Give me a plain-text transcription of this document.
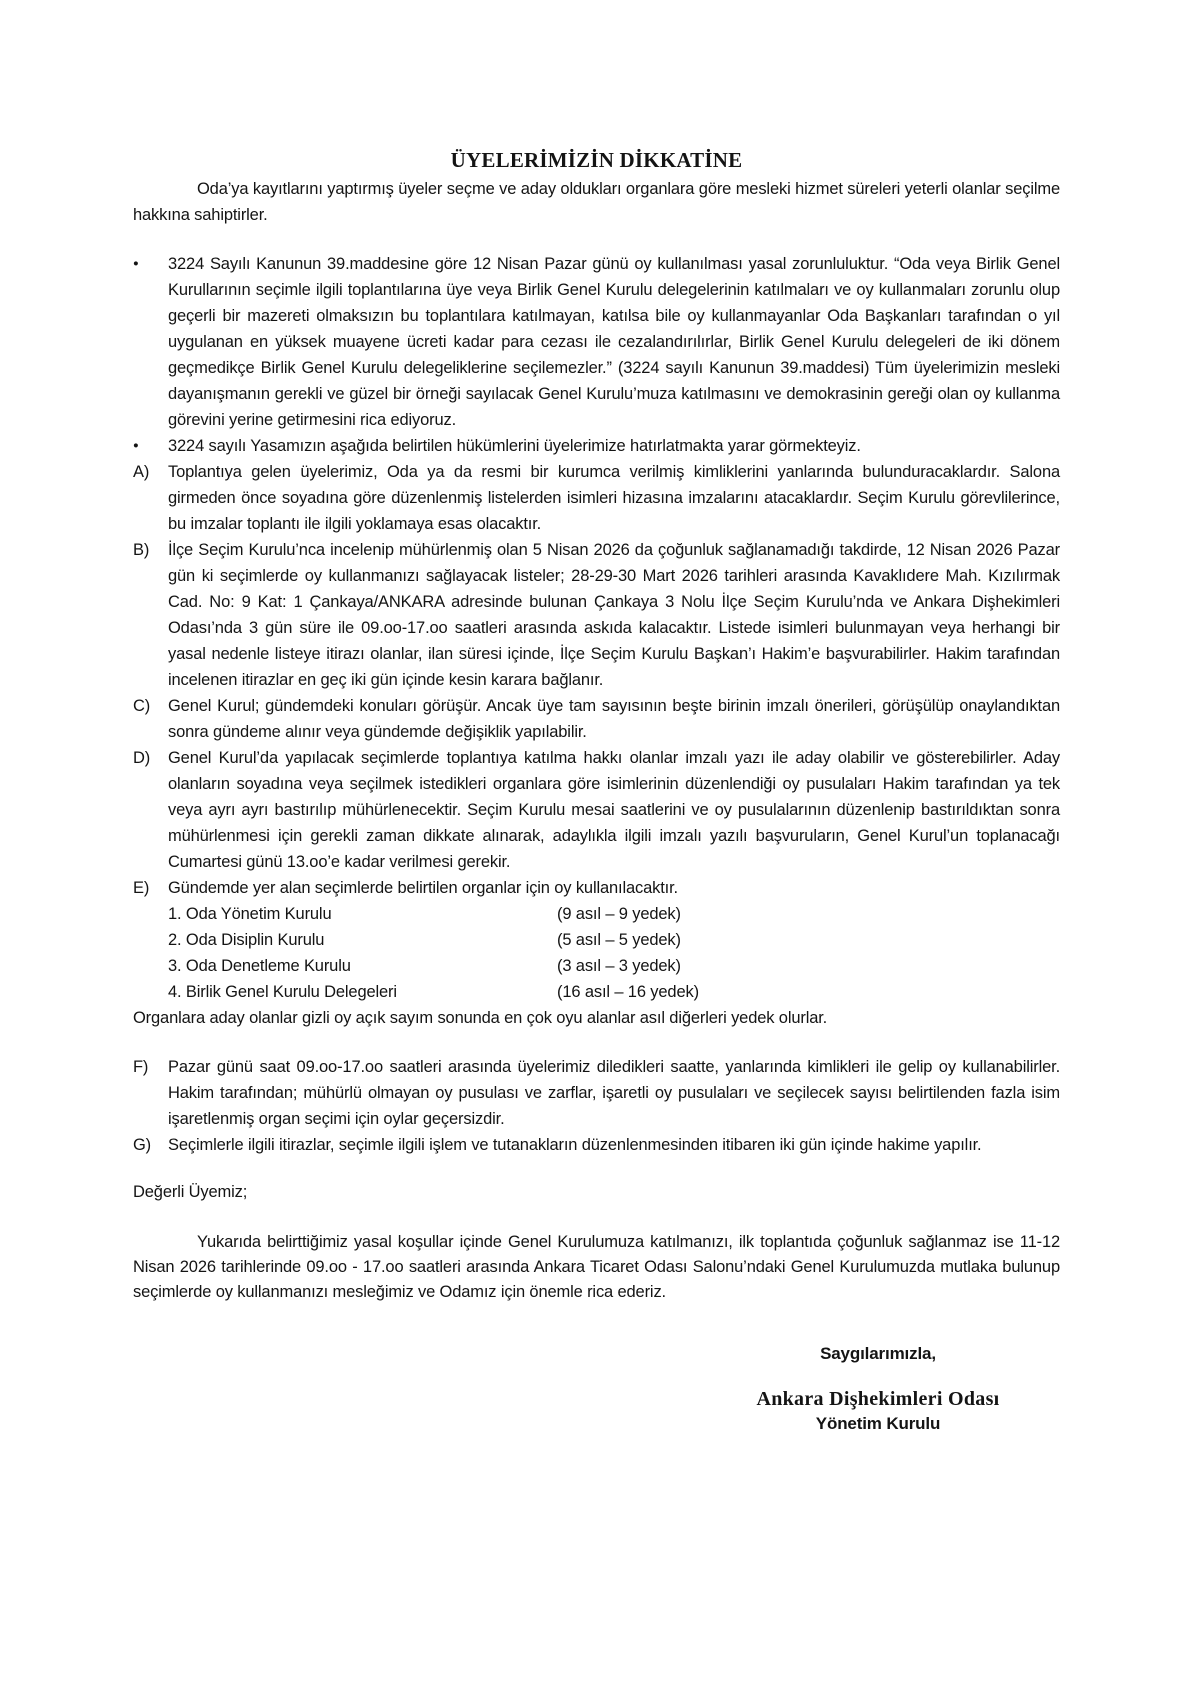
ÜYELERİMİZİN DİKKATİNE

Oda’ya kayıtlarını yaptırmış üyeler seçme ve aday oldukları organlara göre mesleki hizmet süreleri yeterli olanlar seçilme hakkına sahiptirler.

●	3224 Sayılı Kanunun 39.maddesine göre 12 Nisan Pazar günü oy kullanılması yasal zorunluluktur. “Oda veya Birlik Genel Kurullarının seçimle ilgili toplantılarına üye veya Birlik Genel Kurulu delegelerinin katılmaları ve oy kullanmaları zorunlu olup geçerli bir mazereti olmaksızın bu toplantılara katılmayan, katılsa bile oy kullanmayanlar Oda Başkanları tarafından o yıl uygulanan en yüksek muayene ücreti kadar para cezası ile cezalandırılırlar, Birlik Genel Kurulu delegeleri de iki dönem geçmedikçe Birlik Genel Kurulu delegeliklerine seçilemezler.” (3224 sayılı Kanunun 39.maddesi) Tüm üyelerimizin mesleki dayanışmanın gerekli ve güzel bir örneği sayılacak Genel Kurulu’muza katılmasını ve demokrasinin gereği olan oy kullanma görevini yerine getirmesini rica ediyoruz.
●	3224 sayılı Yasamızın aşağıda belirtilen hükümlerini üyelerimize hatırlatmakta yarar görmekteyiz.
A)	Toplantıya gelen üyelerimiz, Oda ya da resmi bir kurumca verilmiş kimliklerini yanlarında bulunduracaklardır. Salona girmeden önce soyadına göre düzenlenmiş listelerden isimleri hizasına imzalarını atacaklardır. Seçim Kurulu görevlilerince, bu imzalar toplantı ile ilgili yoklamaya esas olacaktır.
B)	İlçe Seçim Kurulu’nca incelenip mühürlenmiş olan 5 Nisan 2026 da çoğunluk sağlanamadığı takdirde, 12 Nisan 2026 Pazar gün ki seçimlerde oy kullanmanızı sağlayacak listeler; 28-29-30 Mart 2026 tarihleri arasında Kavaklıdere Mah. Kızılırmak Cad. No: 9 Kat: 1 Çankaya/ANKARA adresinde bulunan Çankaya 3 Nolu İlçe Seçim Kurulu’nda ve Ankara Dişhekimleri Odası’nda 3 gün süre ile 09.oo-17.oo saatleri arasında askıda kalacaktır. Listede isimleri bulunmayan veya herhangi bir yasal nedenle listeye itirazı olanlar, ilan süresi içinde, İlçe Seçim Kurulu Başkan’ı Hakim’e başvurabilirler. Hakim tarafından incelenen itirazlar en geç iki gün içinde kesin karara bağlanır.
C)	Genel Kurul; gündemdeki konuları görüşür. Ancak üye tam sayısının beşte birinin imzalı önerileri, görüşülüp onaylandıktan sonra gündeme alınır veya gündemde değişiklik yapılabilir.
D)	Genel Kurul’da yapılacak seçimlerde toplantıya katılma hakkı olanlar imzalı yazı ile aday olabilir ve gösterebilirler. Aday olanların soyadına veya seçilmek istedikleri organlara göre isimlerinin düzenlendiği oy pusulaları Hakim tarafından ya tek veya ayrı ayrı bastırılıp mühürlenecektir. Seçim Kurulu mesai saatlerini ve oy pusulalarının düzenlenip bastırıldıktan sonra mühürlenmesi için gerekli zaman dikkate alınarak, adaylıkla ilgili imzalı yazılı başvuruların, Genel Kurul’un toplanacağı Cumartesi günü 13.oo’e kadar verilmesi gerekir.
E)	Gündemde yer alan seçimlerde belirtilen organlar için oy kullanılacaktır.
1. Oda Yönetim Kurulu	(9 asıl – 9 yedek)
2. Oda Disiplin Kurulu	(5 asıl – 5 yedek)
3. Oda Denetleme Kurulu	(3 asıl – 3 yedek)
4. Birlik Genel Kurulu Delegeleri	(16 asıl – 16 yedek)

Organlara aday olanlar gizli oy açık sayım sonunda en çok oyu alanlar asıl diğerleri yedek olurlar.

F)	Pazar günü saat 09.oo-17.oo saatleri arasında üyelerimiz diledikleri saatte, yanlarında kimlikleri ile gelip oy kullanabilirler. Hakim tarafından; mühürlü olmayan oy pusulası ve zarflar, işaretli oy pusulaları ve seçilecek sayısı belirtilenden fazla isim işaretlenmiş organ seçimi için oylar geçersizdir.
G)	Seçimlerle ilgili itirazlar, seçimle ilgili işlem ve tutanakların düzenlenmesinden itibaren iki gün içinde hakime yapılır.

Değerli Üyemiz;

Yukarıda belirttiğimiz yasal koşullar içinde Genel Kurulumuza katılmanızı, ilk toplantıda çoğunluk sağlanmaz ise 11-12 Nisan 2026 tarihlerinde 09.oo - 17.oo saatleri arasında Ankara Ticaret Odası Salonu’ndaki Genel Kurulumuzda mutlaka bulunup seçimlerde oy kullanmanızı mesleğimiz ve Odamız için önemle rica ederiz.

Saygılarımızla,
Ankara Dişhekimleri Odası
Yönetim Kurulu
